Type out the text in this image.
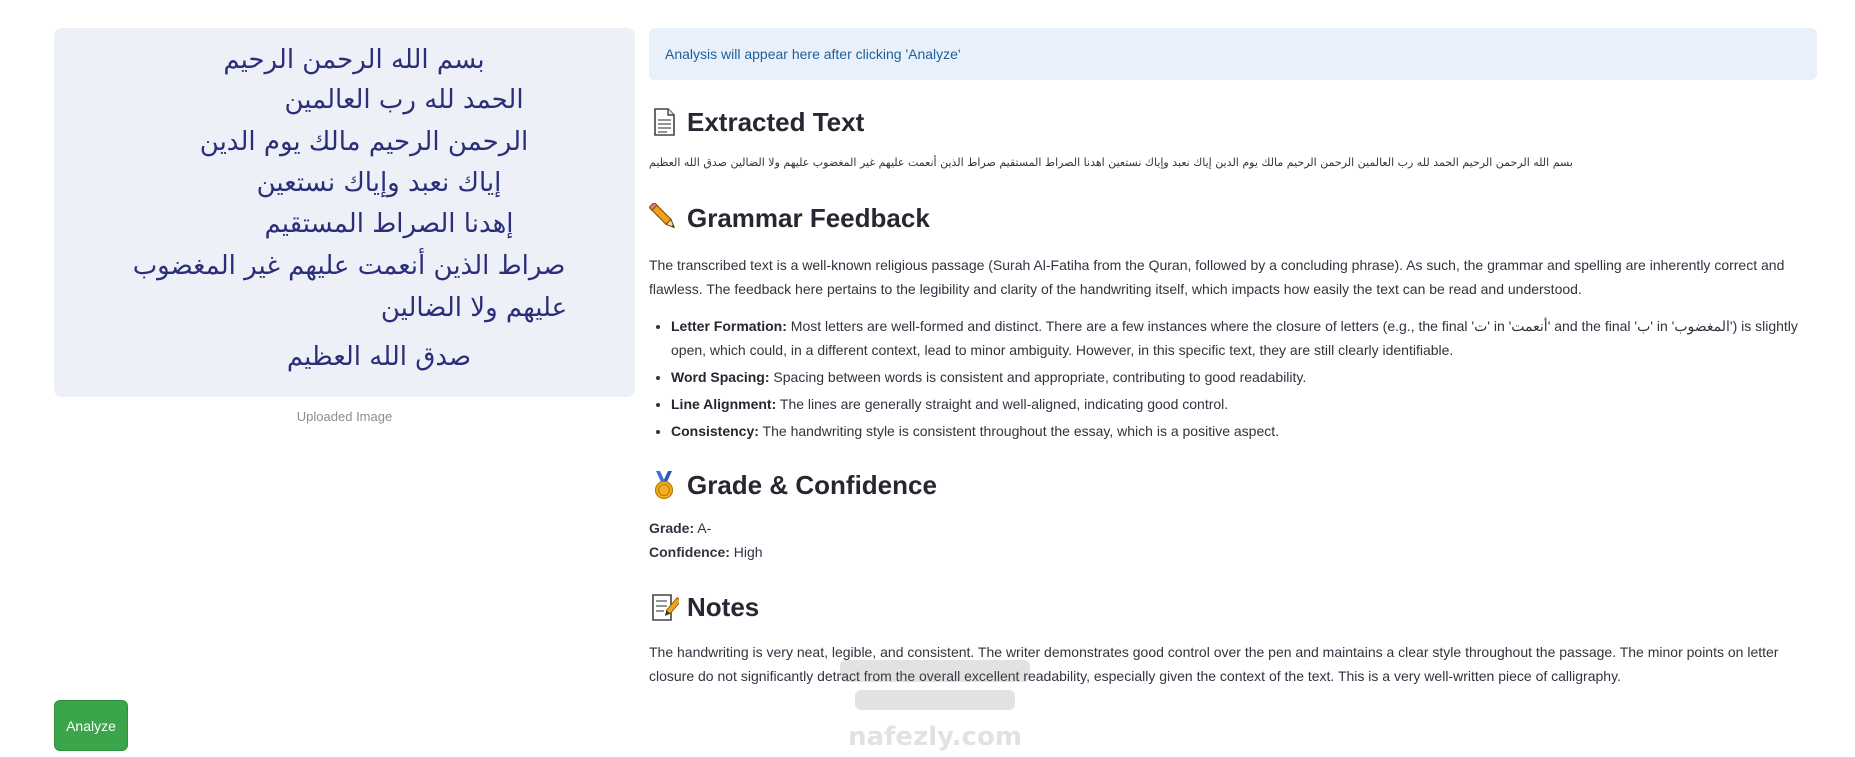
بسم الله الرحمن الرحيم
الحمد لله رب العالمين
الرحمن الرحيم مالك يوم الدين
إياك نعبد وإياك نستعين
إهدنا الصراط المستقيم
صراط الذين أنعمت عليهم غير المغضوب
عليهم ولا الضالين
صدق الله العظيم
Uploaded Image
Analyze
Analysis will appear here after clicking 'Analyze'
Extracted Text
بسم الله الرحمن الرحيم الحمد لله رب العالمين الرحمن الرحيم مالك يوم الدين إياك نعبد وإياك نستعين اهدنا الصراط المستقيم صراط الذين أنعمت عليهم غير المغضوب عليهم ولا الضالين صدق الله العظيم
Grammar Feedback

The transcribed text is a well-known religious passage (Surah Al-Fatiha from the Quran, followed by a concluding phrase). As such, the grammar and spelling are inherently correct and flawless. The feedback here pertains to the legibility and clarity of the handwriting itself, which impacts how easily the text can be read and understood.

• Letter Formation: Most letters are well-formed and distinct. There are a few instances where the closure of letters (e.g., the final 'ت' in 'أنعمت' and the final 'ب' in 'المغضوب') is slightly open, which could, in a different context, lead to minor ambiguity. However, in this specific text, they are still clearly identifiable.
• Word Spacing: Spacing between words is consistent and appropriate, contributing to good readability.
• Line Alignment: The lines are generally straight and well-aligned, indicating good control.
• Consistency: The handwriting style is consistent throughout the essay, which is a positive aspect.
Grade & Confidence
Grade: A-
Confidence: High
Notes

The handwriting is very neat, legible, and consistent. The writer demonstrates good control over the pen and maintains a clear style throughout the passage. The minor points on letter closure do not significantly detract from the overall excellent readability, especially given the context of the text. This is a very well-written piece of calligraphy.

nafezly.com
